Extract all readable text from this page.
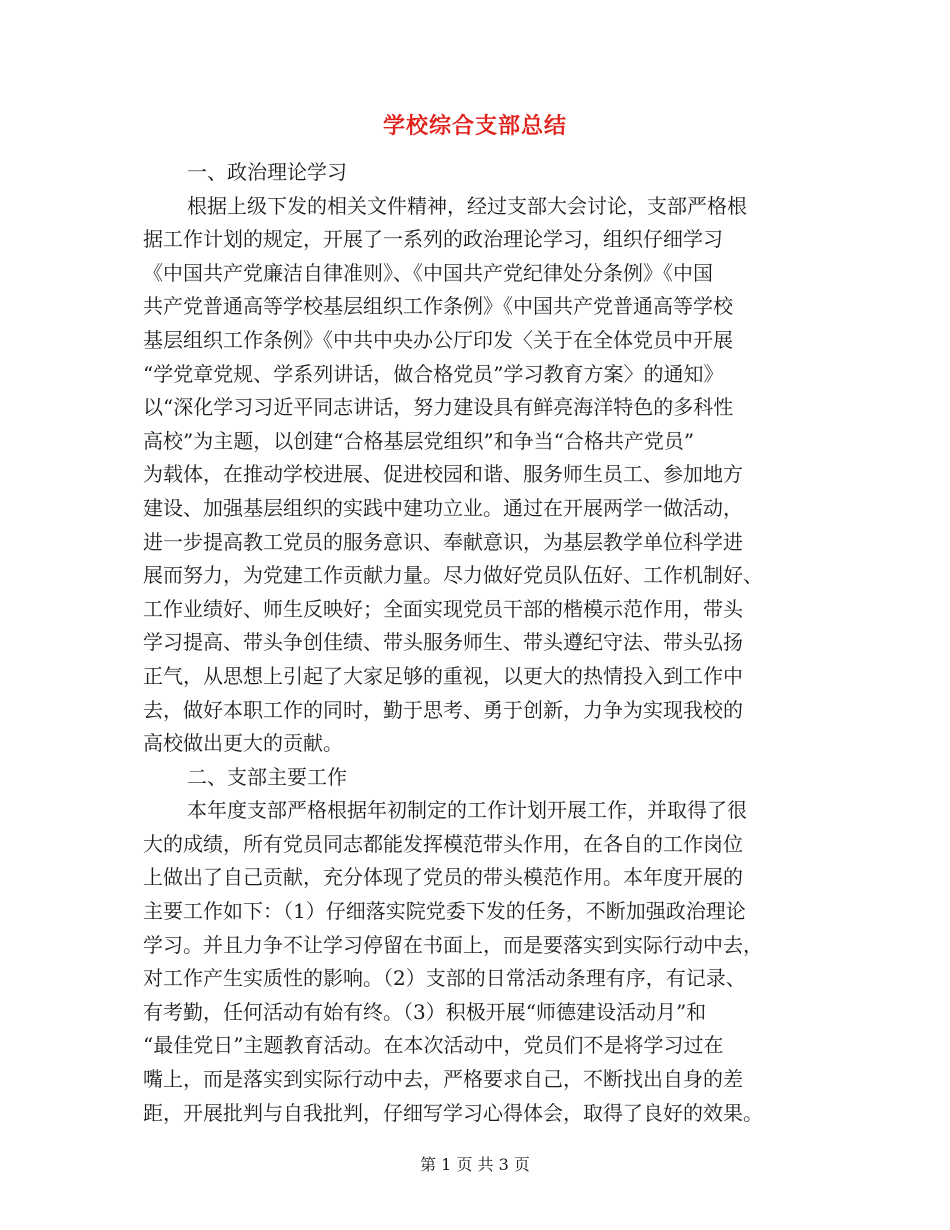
学校综合支部总结
一、政治理论学习
根据上级下发的相关文件精神，经过支部大会讨论，支部严格根
据工作计划的规定，开展了一系列的政治理论学习，组织仔细学习
《中国共产党廉洁自律准则》、《中国共产党纪律处分条例》《中国
共产党普通高等学校基层组织工作条例》《中国共产党普通高等学校
基层组织工作条例》《中共中央办公厅印发〈关于在全体党员中开展
“学党章党规、学系列讲话，做合格党员”学习教育方案〉的通知》
以“深化学习习近平同志讲话，努力建设具有鲜亮海洋特色的多科性
高校”为主题，以创建“合格基层党组织”和争当“合格共产党员”
为载体，在推动学校进展、促进校园和谐、服务师生员工、参加地方
建设、加强基层组织的实践中建功立业。通过在开展两学一做活动，
进一步提高教工党员的服务意识、奉献意识，为基层教学单位科学进
展而努力，为党建工作贡献力量。尽力做好党员队伍好、工作机制好、
工作业绩好、师生反映好；全面实现党员干部的楷模示范作用，带头
学习提高、带头争创佳绩、带头服务师生、带头遵纪守法、带头弘扬
正气，从思想上引起了大家足够的重视，以更大的热情投入到工作中
去，做好本职工作的同时，勤于思考、勇于创新，力争为实现我校的
高校做出更大的贡献。
二、支部主要工作
本年度支部严格根据年初制定的工作计划开展工作，并取得了很
大的成绩，所有党员同志都能发挥模范带头作用，在各自的工作岗位
上做出了自己贡献，充分体现了党员的带头模范作用。本年度开展的
主要工作如下：（1）仔细落实院党委下发的任务，不断加强政治理论
学习。并且力争不让学习停留在书面上，而是要落实到实际行动中去，
对工作产生实质性的影响。（2）支部的日常活动条理有序，有记录、
有考勤，任何活动有始有终。（3）积极开展“师德建设活动月”和
“最佳党日”主题教育活动。在本次活动中，党员们不是将学习过在
嘴上，而是落实到实际行动中去，严格要求自己，不断找出自身的差
距，开展批判与自我批判，仔细写学习心得体会，取得了良好的效果。
第 1 页 共 3 页
